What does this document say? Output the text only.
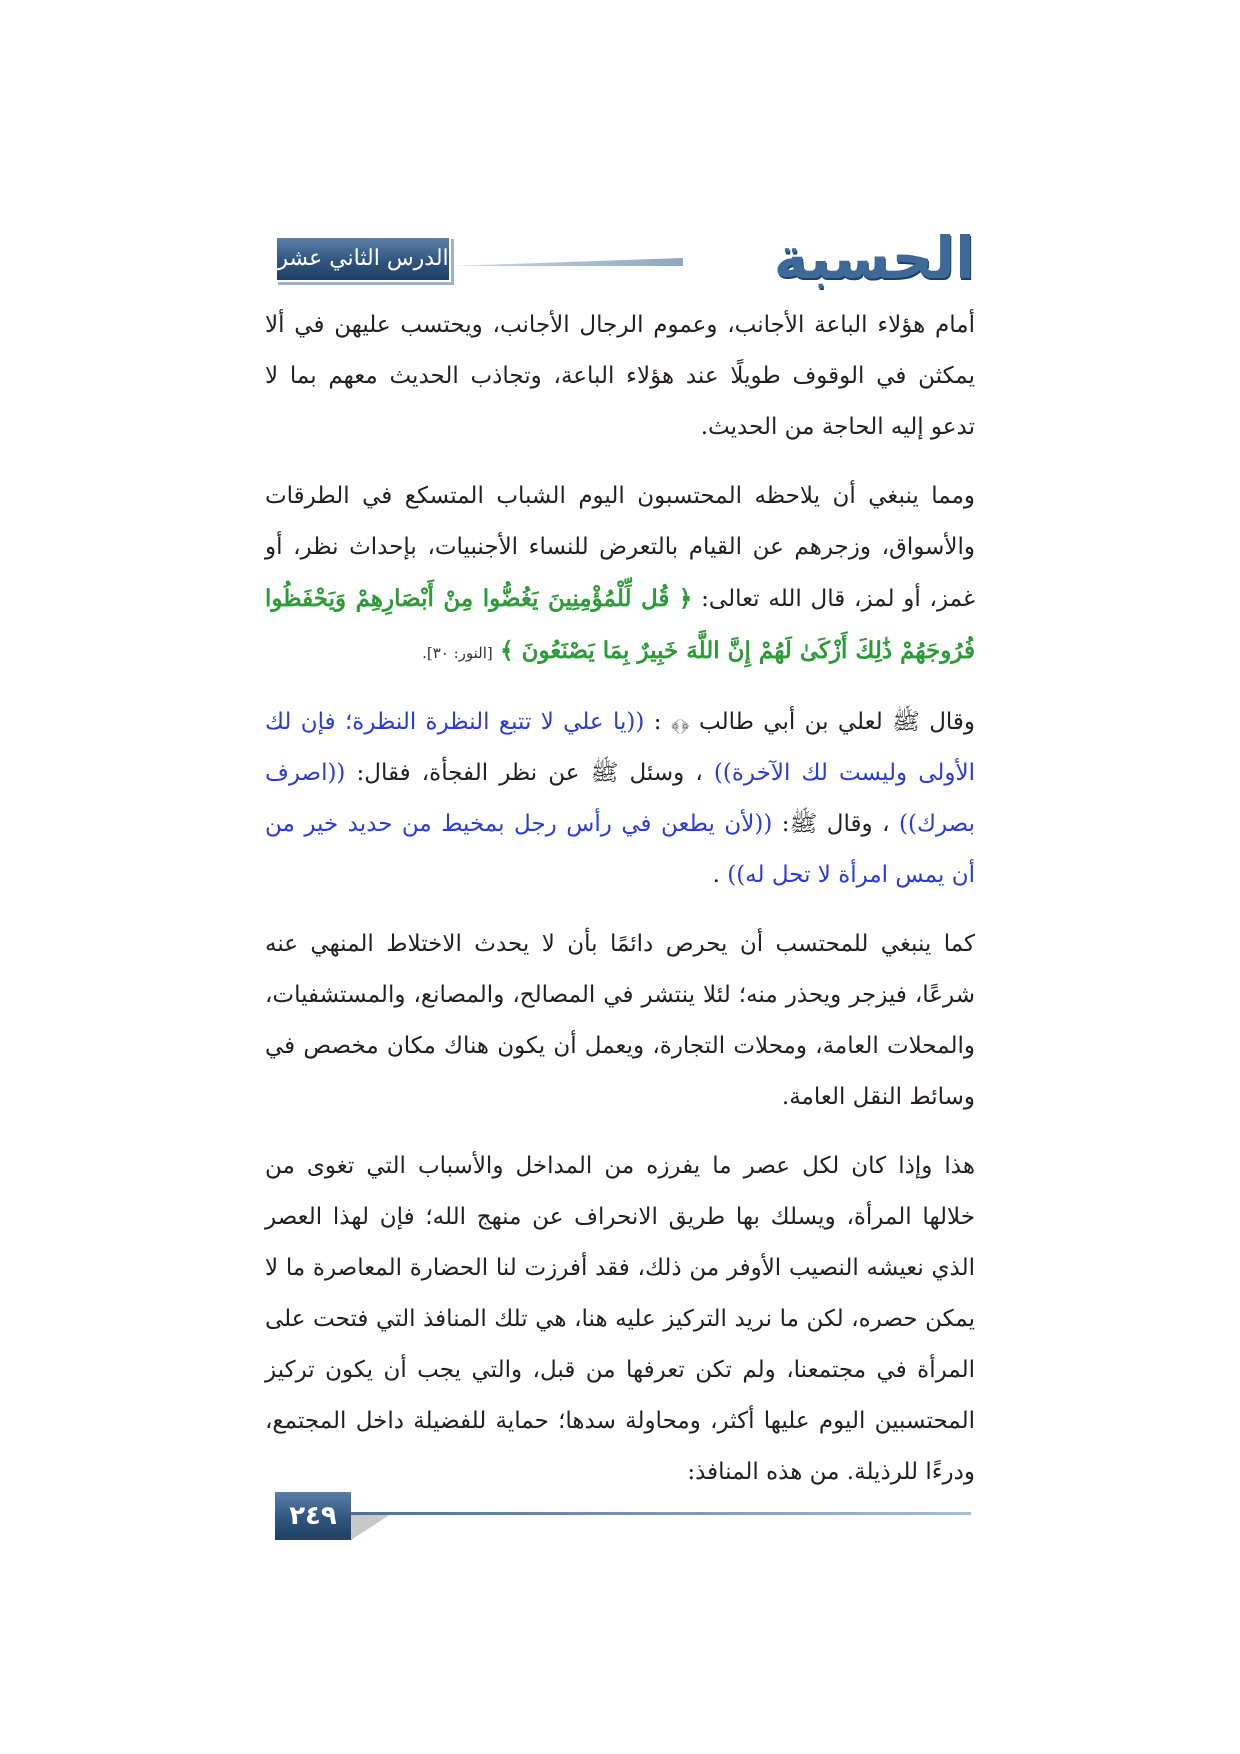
الدرس الثاني عشر	الحسبة

أمام هؤلاء الباعة الأجانب، وعموم الرجال الأجانب، ويحتسب عليهن في ألا يمكثن في الوقوف طويلًا عند هؤلاء الباعة، وتجاذب الحديث معهم بما لا تدعو إليه الحاجة من الحديث.

ومما ينبغي أن يلاحظه المحتسبون اليوم الشباب المتسكع في الطرقات والأسواق، وزجرهم عن القيام بالتعرض للنساء الأجنبيات، بإحداث نظر، أو غمز، أو لمز، قال الله تعالى: ﴿ قُل لِّلْمُؤْمِنِينَ يَغُضُّوا مِنْ أَبْصَارِهِمْ وَيَحْفَظُوا فُرُوجَهُمْ ذَٰلِكَ أَزْكَىٰ لَهُمْ إِنَّ اللَّهَ خَبِيرٌ بِمَا يَصْنَعُونَ ﴾ [النور: ٣٠].

وقال ﷺ لعلي بن أبي طالب ﴿﴾ : ((يا علي لا تتبع النظرة النظرة؛ فإن لك الأولى وليست لك الآخرة)) ، وسئل ﷺ عن نظر الفجأة، فقال: ((اصرف بصرك)) ، وقال ﷺ: ((لأن يطعن في رأس رجل بمخيط من حديد خير من أن يمس امرأة لا تحل له)) .

كما ينبغي للمحتسب أن يحرص دائمًا بأن لا يحدث الاختلاط المنهي عنه شرعًا، فيزجر ويحذر منه؛ لئلا ينتشر في المصالح، والمصانع، والمستشفيات، والمحلات العامة، ومحلات التجارة، ويعمل أن يكون هناك مكان مخصص في وسائط النقل العامة.

هذا وإذا كان لكل عصر ما يفرزه من المداخل والأسباب التي تغوى من خلالها المرأة، ويسلك بها طريق الانحراف عن منهج الله؛ فإن لهذا العصر الذي نعيشه النصيب الأوفر من ذلك، فقد أفرزت لنا الحضارة المعاصرة ما لا يمكن حصره، لكن ما نريد التركيز عليه هنا، هي تلك المنافذ التي فتحت على المرأة في مجتمعنا، ولم تكن تعرفها من قبل، والتي يجب أن يكون تركيز المحتسبين اليوم عليها أكثر، ومحاولة سدها؛ حماية للفضيلة داخل المجتمع، ودرءًا للرذيلة. من هذه المنافذ:

٢٤٩
